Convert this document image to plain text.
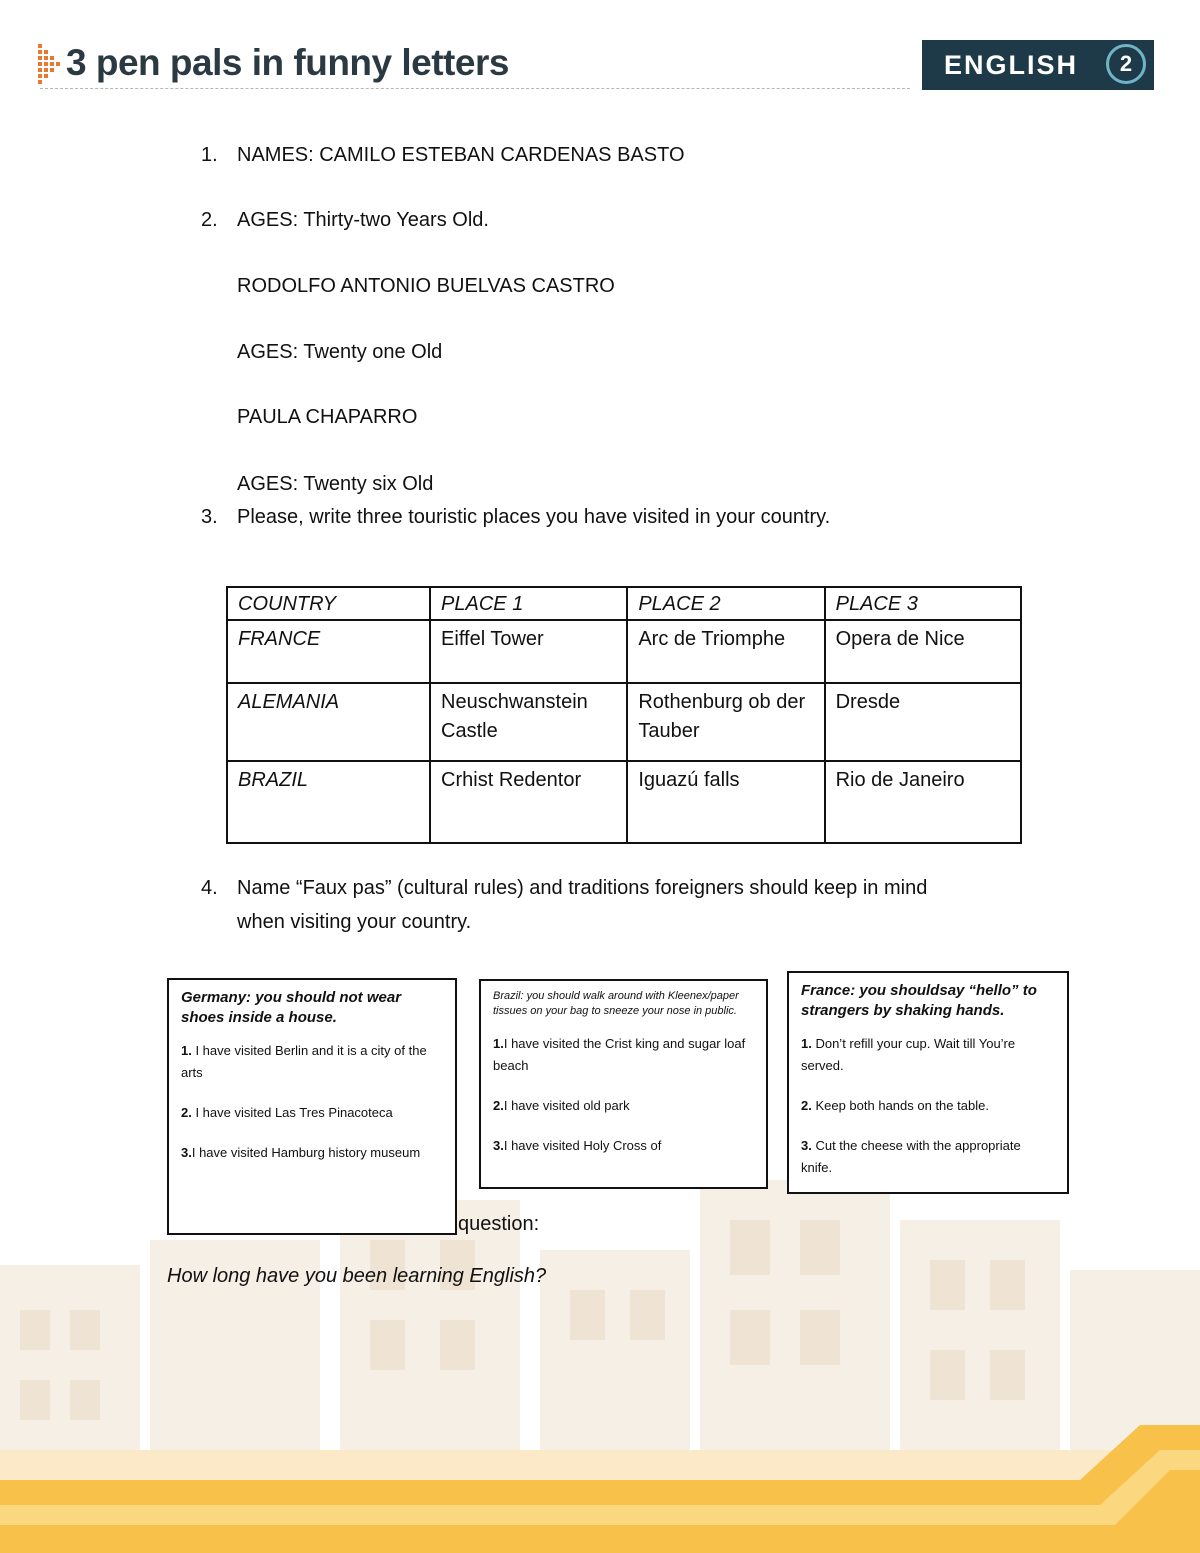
3 pen pals in funny letters	ENGLISH	2
1. NAMES: CAMILO ESTEBAN CARDENAS BASTO
2. AGES: Thirty-two Years Old.
RODOLFO ANTONIO BUELVAS CASTRO
AGES: Twenty one Old
PAULA CHAPARRO
AGES: Twenty six Old
3. Please, write three touristic places you have visited in your country.
COUNTRY	PLACE 1	PLACE 2	PLACE 3
FRANCE	Eiffel Tower	Arc de Triomphe	Opera de Nice
ALEMANIA	Neuschwanstein Castle	Rothenburg ob der Tauber	Dresde
BRAZIL	Crhist Redentor	Iguazú falls	Rio de Janeiro
4. Name “Faux pas” (cultural rules) and traditions foreigners should keep in mind
when visiting your country.
Germany: you should not wear shoes inside a house.
1. I have visited Berlin and it is a city of the arts
2. I have visited Las Tres Pinacoteca
3.I have visited Hamburg history museum
Brazil: you should walk around with Kleenex/paper tissues on your bag to sneeze your nose in public.
1.I have visited the Crist king and sugar loaf beach
2.I have visited old park
3.I have visited Holy Cross of
France: you shouldsay “hello” to strangers by shaking hands.
1. Don’t refill your cup. Wait till You’re served.
2. Keep both hands on the table.
3. Cut the cheese with the appropriate knife.
question:
How long have you been learning English?
